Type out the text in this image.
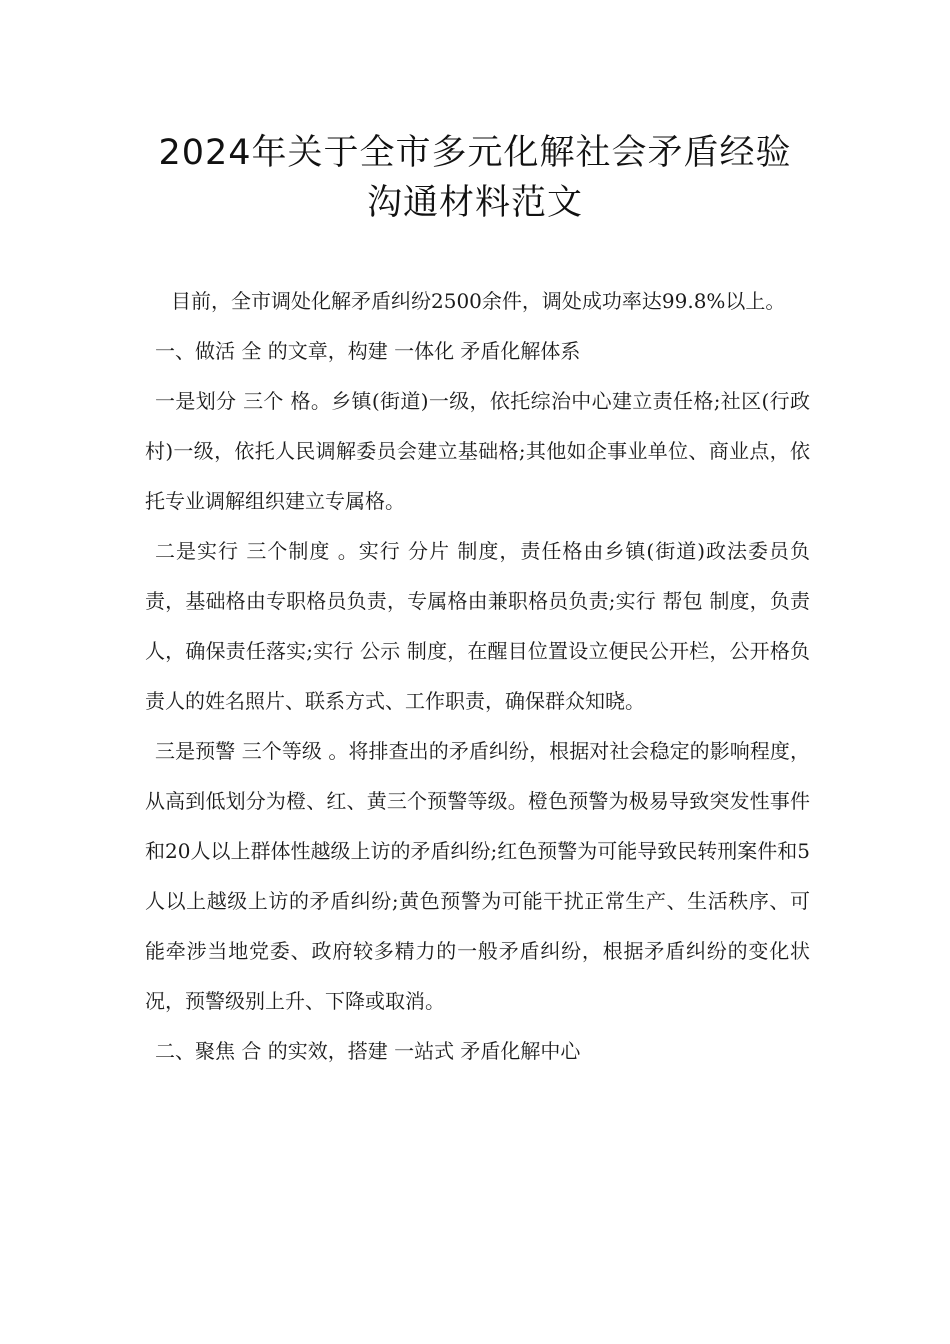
2024年关于全市多元化解社会矛盾经验
沟通材料范文

目前，全市调处化解矛盾纠纷2500余件，调处成功率达99.8%以上。

一、做活 全 的文章，构建 一体化 矛盾化解体系

一是划分 三个 格。乡镇(街道)一级，依托综治中心建立责任格;社区(行政村)一级，依托人民调解委员会建立基础格;其他如企事业单位、商业点，依托专业调解组织建立专属格。

二是实行 三个制度 。实行 分片 制度，责任格由乡镇(街道)政法委员负责，基础格由专职格员负责，专属格由兼职格员负责;实行 帮包 制度，负责人，确保责任落实;实行 公示 制度，在醒目位置设立便民公开栏，公开格负责人的姓名照片、联系方式、工作职责，确保群众知晓。

三是预警 三个等级 。将排查出的矛盾纠纷，根据对社会稳定的影响程度，从高到低划分为橙、红、黄三个预警等级。橙色预警为极易导致突发性事件和20人以上群体性越级上访的矛盾纠纷;红色预警为可能导致民转刑案件和5人以上越级上访的矛盾纠纷;黄色预警为可能干扰正常生产、生活秩序、可能牵涉当地党委、政府较多精力的一般矛盾纠纷，根据矛盾纠纷的变化状况，预警级别上升、下降或取消。

二、聚焦 合 的实效，搭建 一站式 矛盾化解中心
